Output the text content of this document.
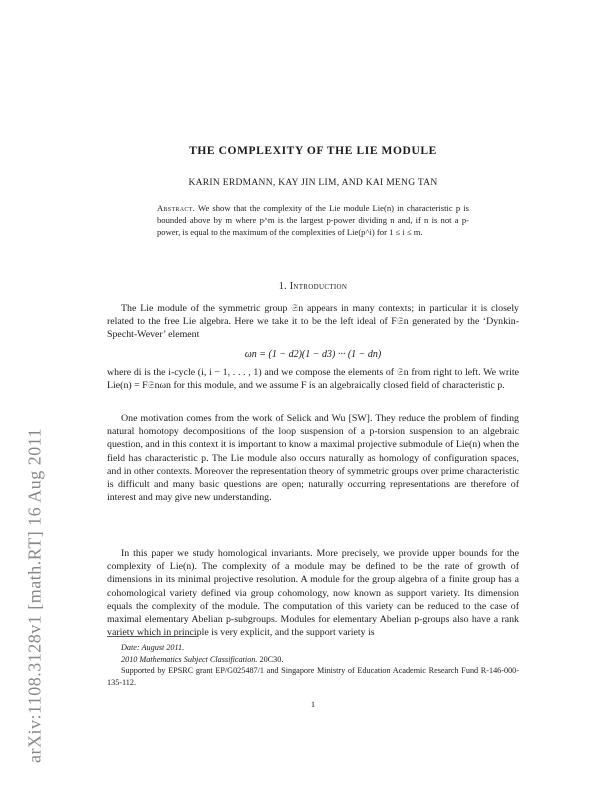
arXiv:1108.3128v1 [math.RT] 16 Aug 2011
THE COMPLEXITY OF THE LIE MODULE
KARIN ERDMANN, KAY JIN LIM, AND KAI MENG TAN
Abstract. We show that the complexity of the Lie module Lie(n) in characteristic p is bounded above by m where p^m is the largest p-power dividing n and, if n is not a p-power, is equal to the maximum of the complexities of Lie(p^i) for 1 ≤ i ≤ m.
1. Introduction
The Lie module of the symmetric group 𝔖n appears in many contexts; in particular it is closely related to the free Lie algebra. Here we take it to be the left ideal of F𝔖n generated by the ‘Dynkin-Specht-Wever’ element
ωn = (1 − d2)(1 − d3) ··· (1 − dn)
where di is the i-cycle (i, i − 1, . . . , 1) and we compose the elements of 𝔖n from right to left. We write Lie(n) = F𝔖nωn for this module, and we assume F is an algebraically closed field of characteristic p.
One motivation comes from the work of Selick and Wu [SW]. They reduce the problem of finding natural homotopy decompositions of the loop suspension of a p-torsion suspension to an algebraic question, and in this context it is important to know a maximal projective submodule of Lie(n) when the field has characteristic p. The Lie module also occurs naturally as homology of configuration spaces, and in other contexts. Moreover the representation theory of symmetric groups over prime characteristic is difficult and many basic questions are open; naturally occurring representations are therefore of interest and may give new understanding.
In this paper we study homological invariants. More precisely, we provide upper bounds for the complexity of Lie(n). The complexity of a module may be defined to be the rate of growth of dimensions in its minimal projective resolution. A module for the group algebra of a finite group has a cohomological variety defined via group cohomology, now known as support variety. Its dimension equals the complexity of the module. The computation of this variety can be reduced to the case of maximal elementary Abelian p-subgroups. Modules for elementary Abelian p-groups also have a rank variety which in principle is very explicit, and the support variety is
Date: August 2011.
2010 Mathematics Subject Classification. 20C30.
Supported by EPSRC grant EP/G025487/1 and Singapore Ministry of Education Academic Research Fund R-146-000-135-112.
1
